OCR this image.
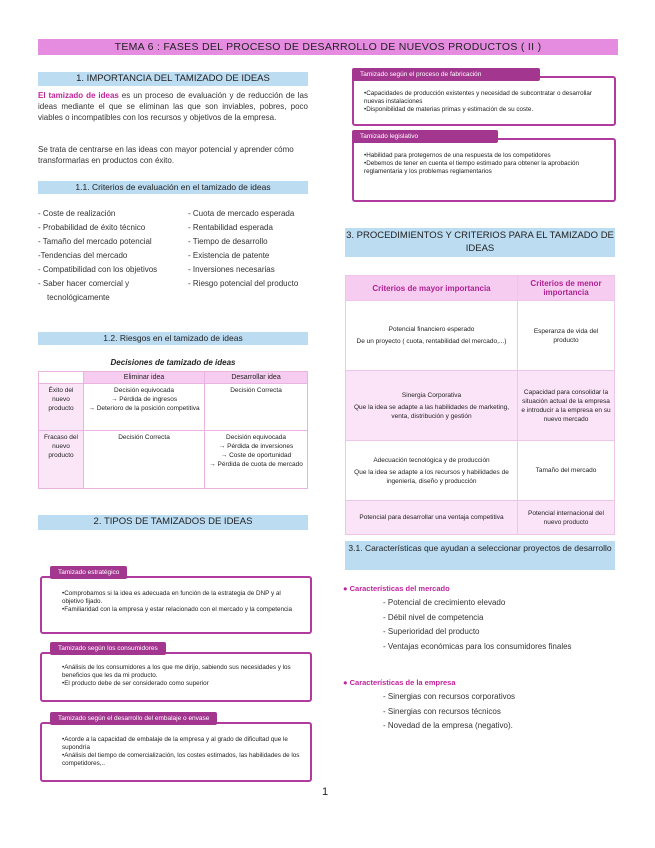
TEMA 6 : FASES DEL PROCESO DE DESARROLLO DE NUEVOS PRODUCTOS ( II )
1. IMPORTANCIA DEL TAMIZADO DE IDEAS
El tamizado de ideas es un proceso de evaluación y de reducción de las ideas mediante el que se eliminan las que son inviables, pobres, poco viables o incompatibles con los recursos y objetivos de la empresa.
Se trata de centrarse en las ideas con mayor potencial y aprender cómo transformarlas en productos con éxito.
1.1. Criterios de evaluación en el tamizado de ideas
- Coste de realización
- Probabilidad de éxito técnico
- Tamaño del mercado potencial
-Tendencias del mercado
- Compatibilidad con los objetivos
- Saber hacer comercial y
tecnológicamente
- Cuota de mercado esperada
- Rentabilidad esperada
- Tiempo de desarrollo
- Existencia de patente
- Inversiones necesarias
- Riesgo potencial del producto
1.2. Riesgos en el tamizado de ideas
Decisiones de tamizado de ideas
	Eliminar idea	Desarrollar idea
Éxito del nuevo producto	Decisión equivocada
→ Pérdida de ingresos
→ Deterioro de la posición competitiva	Decisión Correcta
Fracaso del nuevo producto	Decisión Correcta	Decisión equivocada
→ Pérdida de inversiones
→ Coste de oportunidad
→ Pérdida de cuota de mercado
2. TIPOS DE TAMIZADOS DE IDEAS
Tamizado estratégico
•Comprobamos si la idea es adecuada en función de la estrategia de DNP y al objetivo fijado.
•Familiaridad con la empresa y estar relacionado con el mercado y la competencia
Tamizado según los consumidores
•Análisis de los consumidores a los que me dirijo, sabiendo sus necesidades y los beneficios que les da mi producto.
•El producto debe de ser considerado como superior
Tamizado según el desarrollo del embalaje o envase
•Acorde a la capacidad de embalaje de la empresa y al grado de dificultad que le supondría
•Análisis del tiempo de comercialización, los costes estimados, las habilidades de los competidores,..
Tamizado según el proceso de fabricación
•Capacidades de producción existentes y necesidad de subcontratar o desarrollar nuevas instalaciones
•Disponibilidad de materias primas y estimación de su coste.
Tamizado legislativo
•Habilidad para protegernos de una respuesta de los competidores
•Debemos de tener en cuenta el tiempo estimado para obtener la aprobación reglamentaria y los problemas reglamentarios
3. PROCEDIMIENTOS Y CRITERIOS PARA EL TAMIZADO DE IDEAS
Criterios de mayor importancia	Criterios de menor importancia

Potencial financiero esperado
De un proyecto ( cuota, rentabilidad del mercado,...)	Esperanza de vida del producto

Sinergia Corporativa
Que la idea se adapte a las habilidades de marketing, venta, distribución y gestión	Capacidad para consolidar la situación actual de la empresa e introducir a la empresa en su nuevo mercado

Adecuación tecnológica y de producción
Que la idea se adapte a los recursos y habilidades de ingeniería, diseño y producción	Tamaño del mercado
Potencial para desarrollar una ventaja competitiva	Potencial internacional del nuevo producto
3.1. Características que ayudan a seleccionar proyectos de desarrollo
● Características del mercado
- Potencial de crecimiento elevado
- Débil nivel de competencia
- Superioridad del producto
- Ventajas económicas para los consumidores finales
● Características de la empresa
- Sinergias con recursos corporativos
- Sinergias con recursos técnicos
- Novedad de la empresa (negativo).
1
